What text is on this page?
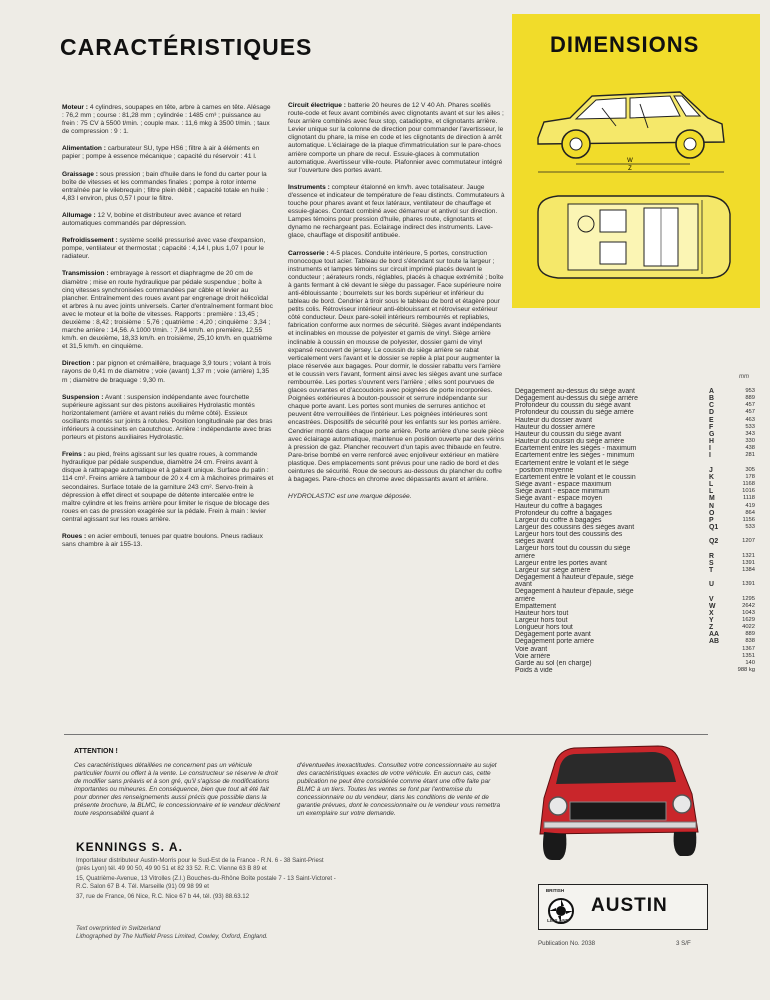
CARACTÉRISTIQUES	DIMENSIONS
W
Z

Moteur : 4 cylindres, soupapes en tête, arbre à cames en tête. Alésage : 76,2 mm ; course : 81,28 mm ; cylindrée : 1485 cm³ ; puissance au frein : 75 CV à 5500 t/min. ; couple max. : 11,6 mkg à 3500 t/min. ; taux de compression : 9 : 1.

Alimentation : carburateur SU, type HS6 ; filtre à air à éléments en papier ; pompe à essence mécanique ; capacité du réservoir : 41 l.

Graissage : sous pression ; bain d'huile dans le fond du carter pour la boîte de vitesses et les commandes finales ; pompe à rotor interne entraînée par le vilebrequin ; filtre plein débit ; capacité totale en huile : 4,83 l environ, plus 0,57 l pour le filtre.

Allumage : 12 V, bobine et distributeur avec avance et retard automatiques commandés par dépression.

Refroidissement : système scellé pressurisé avec vase d'expansion, pompe, ventilateur et thermostat ; capacité : 4,14 l, plus 1,07 l pour le radiateur.

Transmission : embrayage à ressort et diaphragme de 20 cm de diamètre ; mise en route hydraulique par pédale suspendue ; boîte à cinq vitesses synchronisées commandées par câble et levier au plancher. Entraînement des roues avant par engrenage droit hélicoïdal et arbres à nu avec joints universels. Carter d'entraînement formant bloc avec le moteur et la boîte de vitesses. Rapports : première : 13,45 ; deuxième : 8,42 ; troisième : 5,76 ; quatrième : 4,20 ; cinquième : 3,34 ; marche arrière : 14,56. A 1000 t/min. : 7,84 km/h. en première, 12,55 km/h. en deuxième, 18,33 km/h. en troisième, 25,10 km/h. en quatrième et 31,5 km/h. en cinquième.

Direction : par pignon et crémaillère, braquage 3,9 tours ; volant à trois rayons de 0,41 m de diamètre ; voie (avant) 1,37 m ; voie (arrière) 1,35 m ; diamètre de braquage : 9,30 m.

Suspension : Avant : suspension indépendante avec fourchette supérieure agissant sur des pistons auxiliaires Hydrolastic montés horizontalement (arrière et avant reliés du même côté). Essieux oscillants montés sur joints à rotules. Position longitudinale par des bras inférieurs à coussinets en caoutchouc. Arrière : indépendante avec bras porteurs et pistons auxiliaires Hydrolastic.

Freins : au pied, freins agissant sur les quatre roues, à commande hydraulique par pédale suspendue, diamètre 24 cm. Freins avant à disque à rattrapage automatique et à gabarit unique. Surface du patin : 114 cm². Freins arrière à tambour de 20 x 4 cm à mâchoires primaires et secondaires. Surface totale de la garniture 243 cm². Servo-frein à dépression à effet direct et soupape de détente intercalée entre le maître cylindre et les freins arrière pour limiter le risque de blocage des roues en cas de pression exagérée sur la pédale. Frein à main : levier central agissant sur les roues arrière.

Roues : en acier embouti, tenues par quatre boulons. Pneus radiaux sans chambre à air 155-13.

Circuit électrique : batterie 20 heures de 12 V 40 Ah. Phares scellés route-code et feux avant combinés avec clignotants avant et sur les ailes ; feux arrière combinés avec feux stop, catadioptre, et clignotants arrière. Levier unique sur la colonne de direction pour commander l'avertisseur, le clignotant du phare, la mise en code et les clignotants de direction à arrêt automatique. L'éclairage de la plaque d'immatriculation sur le pare-chocs arrière comporte un phare de recul. Essuie-glaces à commutation automatique. Avertisseur ville-route. Plafonnier avec commutateur intégré sur l'ouverture des portes avant.

Instruments : compteur étalonné en km/h. avec totalisateur. Jauge d'essence et indicateur de température de l'eau distincts. Commutateurs à touche pour phares avant et feux latéraux, ventilateur de chauffage et essuie-glaces. Contact combiné avec démarreur et antivol sur direction. Lampes témoins pour pression d'huile, phares route, clignotants et dynamo ne rechargeant pas. Eclairage indirect des instruments. Lave-glace, chauffage et dispositif antibuée.

Carrosserie : 4-5 places. Conduite intérieure, 5 portes, construction monocoque tout acier. Tableau de bord s'étendant sur toute la largeur ; instruments et lampes témoins sur circuit imprimé placés devant le conducteur ; aérateurs ronds, réglables, placés à chaque extrémité ; boîte à gants fermant à clé devant le siège du passager. Face supérieure noire anti-éblouissante ; bourrelets sur les bords supérieur et inférieur du tableau de bord. Cendrier à tiroir sous le tableau de bord et étagère pour petits colis. Rétroviseur intérieur anti-éblouissant et rétroviseur extérieur côté conducteur. Deux pare-soleil intérieurs rembourrés et repliables, fabrication conforme aux normes de sécurité. Sièges avant indépendants et inclinables en mousse de polyester et garnis de vinyl. Siège arrière inclinable à coussin en mousse de polyester, dossier garni de vinyl expansé recouvert de jersey. Le coussin du siège arrière se rabat verticalement vers l'avant et le dossier se replie à plat pour augmenter la place réservée aux bagages. Pour dormir, le dossier rabattu vers l'arrière et le coussin vers l'avant, forment ainsi avec les sièges avant une surface rembourrée. Les portes s'ouvrent vers l'arrière ; elles sont pourvues de glaces ouvrantes et d'accoudoirs avec poignées de porte incorporées. Poignées extérieures à bouton-poussoir et serrure indépendante sur chaque porte avant. Les portes sont munies de serrures antichoc et peuvent être verrouillées de l'intérieur. Les poignées intérieures sont encastrées. Dispositifs de sécurité pour les enfants sur les portes arrière. Cendrier monté dans chaque porte arrière. Porte arrière d'une seule pièce avec éclairage automatique, maintenue en position ouverte par des vérins à pression de gaz. Plancher recouvert d'un tapis avec thibaude en feutre. Pare-brise bombé en verre renforcé avec enjoliveur extérieur en matière plastique. Des emplacements sont prévus pour une radio de bord et des ceintures de sécurité. Roue de secours au-dessous du plancher du coffre à bagages. Pare-chocs en chrome avec dépassants avant et arrière.

HYDROLASTIC est une marque déposée.

mm
Dégagement au-dessus du siège avant	A	953
Dégagement au-dessus du siège arrière	B	889
Profondeur du coussin du siège avant	C	457
Profondeur du coussin du siège arrière	D	457
Hauteur du dossier avant	E	463
Hauteur du dossier arrière	F	533
Hauteur du coussin du siège avant	G	343
Hauteur du coussin du siège arrière	H	330
Ecartement entre les sièges - maximum	I	438
Ecartement entre les sièges - minimum	I	281
Ecartement entre le volant et le siège
- position moyenne	J	305
Ecartement entre le volant et le coussin	K	178
Siège avant - espace maximum	L	1168
Siège avant - espace minimum	L	1016
Siège avant - espace moyen	M	1118
Hauteur du coffre à bagages	N	419
Profondeur du coffre à bagages	O	864
Largeur du coffre à bagages	P	1156
Largeur des coussins des sièges avant	Q1	533
Largeur hors tout des coussins des
sièges avant	Q2	1207
Largeur hors tout du coussin du siège
arrière	R	1321
Largeur entre les portes avant	S	1391
Largeur sur siège arrière	T	1384
Dégagement à hauteur d'épaule, siège
avant	U	1391
Dégagement à hauteur d'épaule, siège
arrière	V	1295
Empattement	W	2642
Hauteur hors tout	X	1043
Largeur hors tout	Y	1629
Longueur hors tout	Z	4022
Dégagement porte avant	AA	889
Dégagement porte arrière	AB	838
Voie avant	1367
Voie arrière	1351
Garde au sol (en charge)	140
Poids à vide	988 kg
ATTENTION !
Ces caractéristiques détaillées ne concernent pas un véhicule particulier fourni ou offert à la vente. Le constructeur se réserve le droit de modifier sans préavis et à son gré, qu'il s'agisse de modifications importantes ou mineures. En conséquence, bien que tout ait été fait pour donner des renseignements aussi précis que possible dans la présente brochure, la BLMC, le concessionnaire et le vendeur déclinent toute responsabilité quant à
d'éventuelles inexactitudes. Consultez votre concessionnaire au sujet des caractéristiques exactes de votre véhicule. En aucun cas, cette publication ne peut être considérée comme étant une offre faite par BLMC à un tiers. Toutes les ventes se font par l'entremise du concessionnaire ou du vendeur, dans les conditions de vente et de garantie prévues, dont le concessionnaire ou le vendeur vous remettra un exemplaire sur votre demande.
KENNINGS S. A.

Importateur distributeur Austin-Morris pour le Sud-Est de la France - R.N. 6 - 38 Saint-Priest (près Lyon) tél. 49 90 50, 49 90 51 et 82 33 52. R.C. Vienne 63 B 89 et

15, Quatrième-Avenue, 13 Vitrolles (Z.I.) Bouches-du-Rhône Boîte postale 7 - 13 Saint-Victoret - R.C. Salon 67 B 4. Tél. Marseille (91) 09 98 99 et

37, rue de France, 06 Nice, R.C. Nice 67 b 44, tél. (93) 88.63.12

Text overprinted in Switzerland
Lithographed by The Nuffield Press Limited, Cowley, Oxford, England.
BRITISH
LEYLAND
AUSTIN
Publication No. 2038	3 S/F
